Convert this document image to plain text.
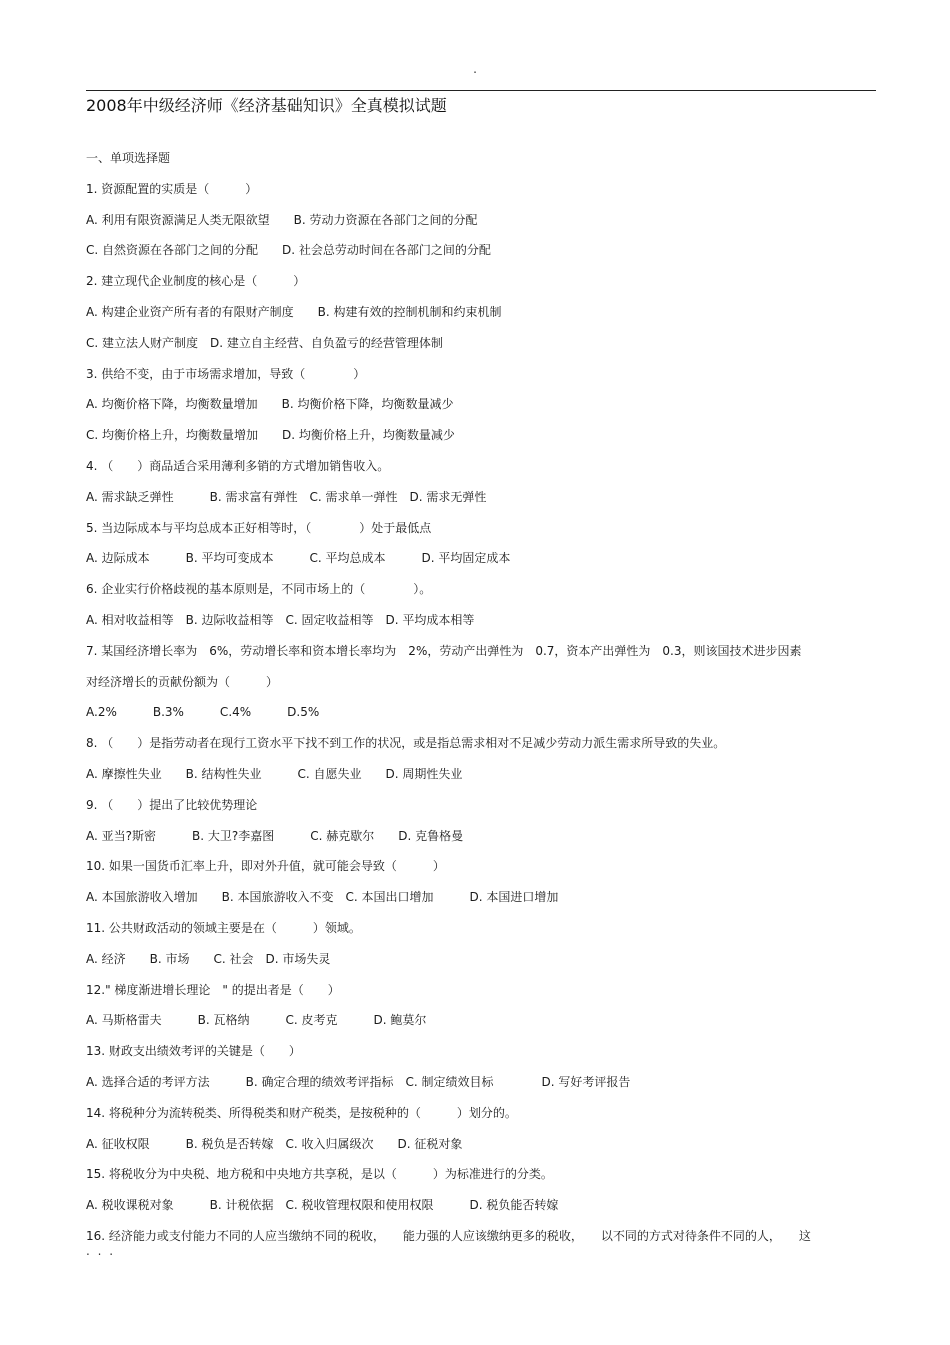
.
2008年中级经济师《经济基础知识》全真模拟试题
一、单项选择题
1. 资源配置的实质是（　　　）
A. 利用有限资源满足人类无限欲望　　B. 劳动力资源在各部门之间的分配
C. 自然资源在各部门之间的分配　　D. 社会总劳动时间在各部门之间的分配
2. 建立现代企业制度的核心是（　　　）
A. 构建企业资产所有者的有限财产制度　　B. 构建有效的控制机制和约束机制
C. 建立法人财产制度　D. 建立自主经营、自负盈亏的经营管理体制
3. 供给不变，由于市场需求增加，导致（　　　　）
A. 均衡价格下降，均衡数量增加　　B. 均衡价格下降，均衡数量减少
C. 均衡价格上升，均衡数量增加　　D. 均衡价格上升，均衡数量减少
4. （　　）商品适合采用薄利多销的方式增加销售收入。
A. 需求缺乏弹性　　　B. 需求富有弹性　C. 需求单一弹性　D. 需求无弹性
5. 当边际成本与平均总成本正好相等时，（　　　　）处于最低点
A. 边际成本　　　B. 平均可变成本　　　C. 平均总成本　　　D. 平均固定成本
6. 企业实行价格歧视的基本原则是，不同市场上的（　　　　）。
A. 相对收益相等　B. 边际收益相等　C. 固定收益相等　D. 平均成本相等
7. 某国经济增长率为　6%，劳动增长率和资本增长率均为　2%，劳动产出弹性为　0.7，资本产出弹性为　0.3，则该国技术进步因素
对经济增长的贡献份额为（　　　）
A.2%　　　B.3%　　　C.4%　　　D.5%
8. （　　）是指劳动者在现行工资水平下找不到工作的状况，或是指总需求相对不足减少劳动力派生需求所导致的失业。
A. 摩擦性失业　　B. 结构性失业　　　C. 自愿失业　　D. 周期性失业
9. （　　）提出了比较优势理论
A. 亚当?斯密　　　B. 大卫?李嘉图　　　C. 赫克歇尔　　D. 克鲁格曼
10. 如果一国货币汇率上升，即对外升值，就可能会导致（　　　）
A. 本国旅游收入增加　　B. 本国旅游收入不变　C. 本国出口增加　　　D. 本国进口增加
11. 公共财政活动的领域主要是在（　　　）领域。
A. 经济　　B. 市场　　C. 社会　D. 市场失灵
12." 梯度渐进增长理论　" 的提出者是（　　）
A. 马斯格雷夫　　　B. 瓦格纳　　　C. 皮考克　　　D. 鲍莫尔
13. 财政支出绩效考评的关键是（　　）
A. 选择合适的考评方法　　　B. 确定合理的绩效考评指标　C. 制定绩效目标　　　　D. 写好考评报告
14. 将税种分为流转税类、所得税类和财产税类，是按税种的（　　　）划分的。
A. 征收权限　　　B. 税负是否转嫁　C. 收入归属级次　　D. 征税对象
15. 将税收分为中央税、地方税和中央地方共享税，是以（　　　）为标准进行的分类。
A. 税收课税对象　　　B. 计税依据　C. 税收管理权限和使用权限　　　D. 税负能否转嫁
16. 经济能力或支付能力不同的人应当缴纳不同的税收，　　能力强的人应该缴纳更多的税收，　　以不同的方式对待条件不同的人，　　这
. . .
